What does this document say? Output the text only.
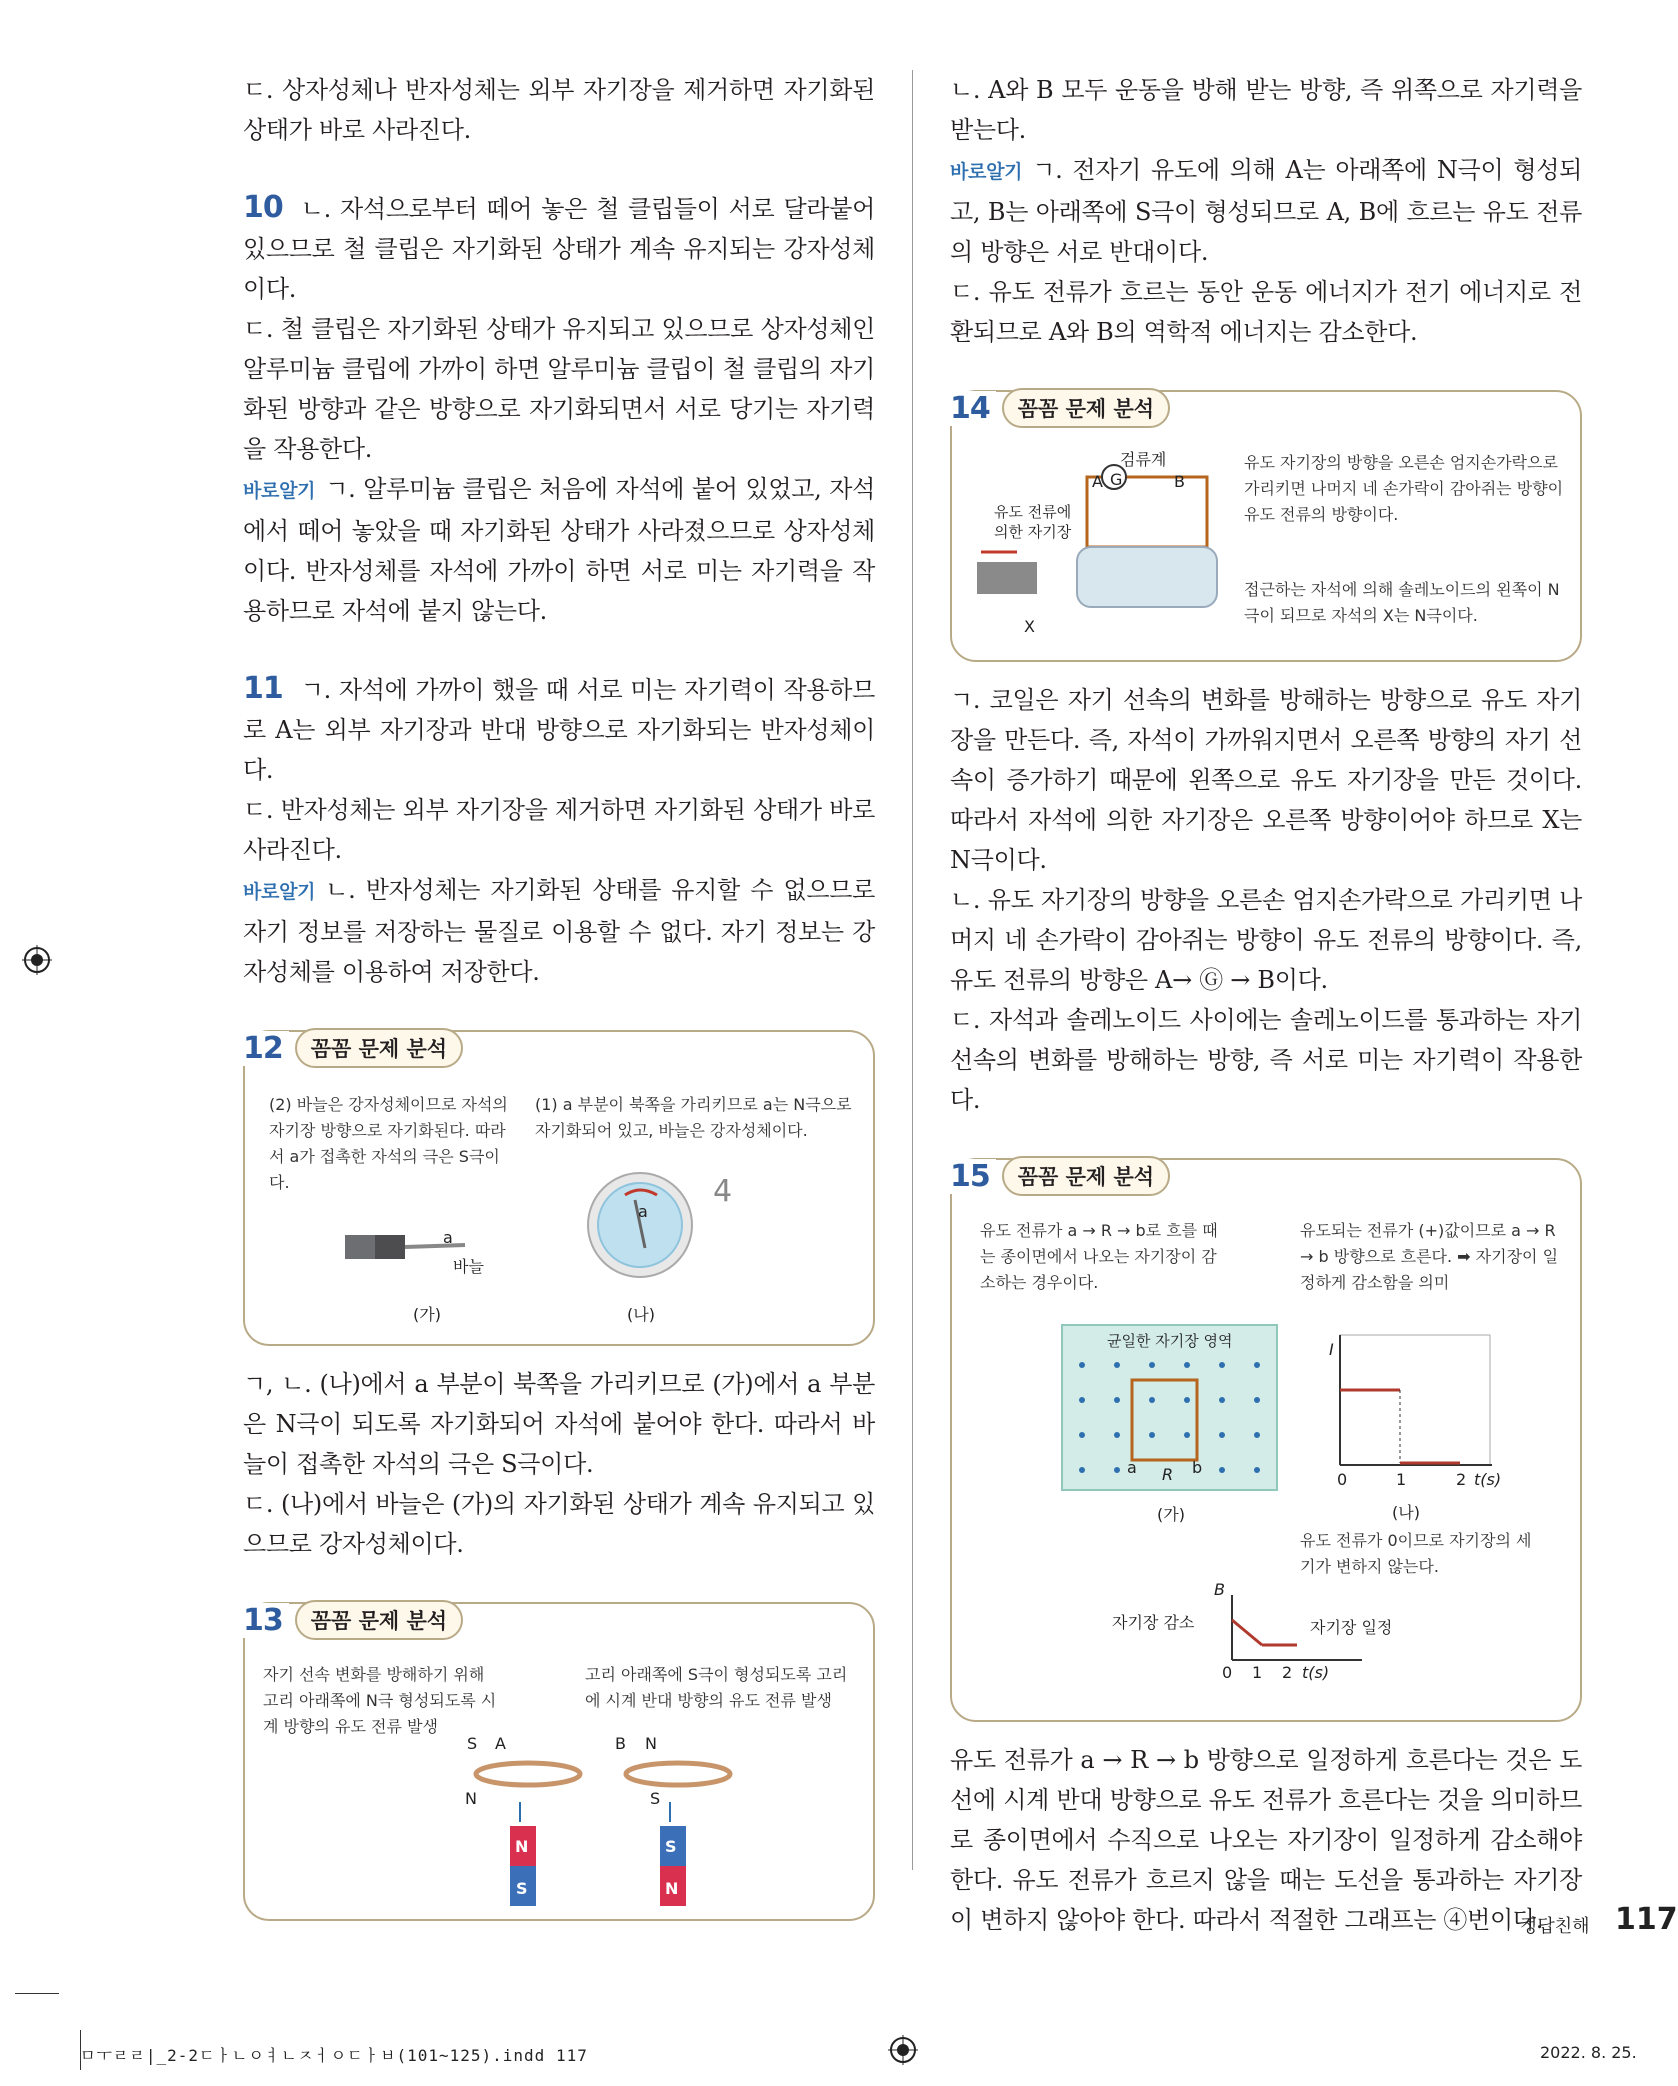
ㄷ. 상자성체나 반자성체는 외부 자기장을 제거하면 자기화된 상태가 바로 사라진다.

10 ㄴ. 자석으로부터 떼어 놓은 철 클립들이 서로 달라붙어 있으므로 철 클립은 자기화된 상태가 계속 유지되는 강자성체이다.

ㄷ. 철 클립은 자기화된 상태가 유지되고 있으므로 상자성체인 알루미늄 클립에 가까이 하면 알루미늄 클립이 철 클립의 자기화된 방향과 같은 방향으로 자기화되면서 서로 당기는 자기력을 작용한다.

바로알기 ㄱ. 알루미늄 클립은 처음에 자석에 붙어 있었고, 자석에서 떼어 놓았을 때 자기화된 상태가 사라졌으므로 상자성체이다. 반자성체를 자석에 가까이 하면 서로 미는 자기력을 작용하므로 자석에 붙지 않는다.

11 ㄱ. 자석에 가까이 했을 때 서로 미는 자기력이 작용하므로 A는 외부 자기장과 반대 방향으로 자기화되는 반자성체이다.

ㄷ. 반자성체는 외부 자기장을 제거하면 자기화된 상태가 바로 사라진다.

바로알기 ㄴ. 반자성체는 자기화된 상태를 유지할 수 없으므로 자기 정보를 저장하는 물질로 이용할 수 없다. 자기 정보는 강자성체를 이용하여 저장한다.

12	꼼꼼 문제 분석
(2) 바늘은 강자성체이므로 자석의 자기장 방향으로 자기화된다. 따라서 a가 접촉한 자석의 극은 S극이다.
(1) a 부분이 북쪽을 가리키므로 a는 N극으로 자기화되어 있고, 바늘은 강자성체이다.
a
바늘
a
4
(가)	(나)

ㄱ, ㄴ. (나)에서 a 부분이 북쪽을 가리키므로 (가)에서 a 부분은 N극이 되도록 자기화되어 자석에 붙어야 한다. 따라서 바늘이 접촉한 자석의 극은 S극이다.

ㄷ. (나)에서 바늘은 (가)의 자기화된 상태가 계속 유지되고 있으므로 강자성체이다.

13	꼼꼼 문제 분석
자기 선속 변화를 방해하기 위해 고리 아래쪽에 N극 형성되도록 시계 방향의 유도 전류 발생
고리 아래쪽에 S극이 형성되도록 고리에 시계 반대 방향의 유도 전류 발생
S A
N
B N
S
N
S
S
N

ㄴ. A와 B 모두 운동을 방해 받는 방향, 즉 위쪽으로 자기력을 받는다.

바로알기 ㄱ. 전자기 유도에 의해 A는 아래쪽에 N극이 형성되고, B는 아래쪽에 S극이 형성되므로 A, B에 흐르는 유도 전류의 방향은 서로 반대이다.

ㄷ. 유도 전류가 흐르는 동안 운동 에너지가 전기 에너지로 전환되므로 A와 B의 역학적 에너지는 감소한다.

14	꼼꼼 문제 분석
검류계
A G	B
유도 전류에 의한 자기장
X
유도 자기장의 방향을 오른손 엄지손가락으로 가리키면 나머지 네 손가락이 감아쥐는 방향이 유도 전류의 방향이다.
접근하는 자석에 의해 솔레노이드의 왼쪽이 N극이 되므로 자석의 X는 N극이다.

ㄱ. 코일은 자기 선속의 변화를 방해하는 방향으로 유도 자기장을 만든다. 즉, 자석이 가까워지면서 오른쪽 방향의 자기 선속이 증가하기 때문에 왼쪽으로 유도 자기장을 만든 것이다. 따라서 자석에 의한 자기장은 오른쪽 방향이어야 하므로 X는 N극이다.

ㄴ. 유도 자기장의 방향을 오른손 엄지손가락으로 가리키면 나머지 네 손가락이 감아쥐는 방향이 유도 전류의 방향이다. 즉, 유도 전류의 방향은 A→ Ⓖ → B이다.

ㄷ. 자석과 솔레노이드 사이에는 솔레노이드를 통과하는 자기 선속의 변화를 방해하는 방향, 즉 서로 미는 자기력이 작용한다.

15	꼼꼼 문제 분석
유도 전류가 a → R → b로 흐를 때는 종이면에서 나오는 자기장이 감소하는 경우이다.
유도되는 전류가 (+)값이므로 a → R → b 방향으로 흐른다. ➡ 자기장이 일정하게 감소함을 의미
균일한 자기장 영역
a R b
(가)
I
0	1	2 t(s)
(나)
유도 전류가 0이므로 자기장의 세기가 변하지 않는다.
B
0 1 2 t(s)
자기장 감소	자기장 일정

유도 전류가 a → R → b 방향으로 일정하게 흐른다는 것은 도선에 시계 반대 방향으로 유도 전류가 흐른다는 것을 의미하므로 종이면에서 수직으로 나오는 자기장이 일정하게 감소해야 한다. 유도 전류가 흐르지 않을 때는 도선을 통과하는 자기장이 변하지 않아야 한다. 따라서 적절한 그래프는 ④번이다.

정답친해 117
ㅁㅜㄹㄹ|_2-2ㄷㅏㄴㅇㅕㄴㅈㅓㅇㄷㅏㅂ(101~125).indd 117	2022. 8. 25.
